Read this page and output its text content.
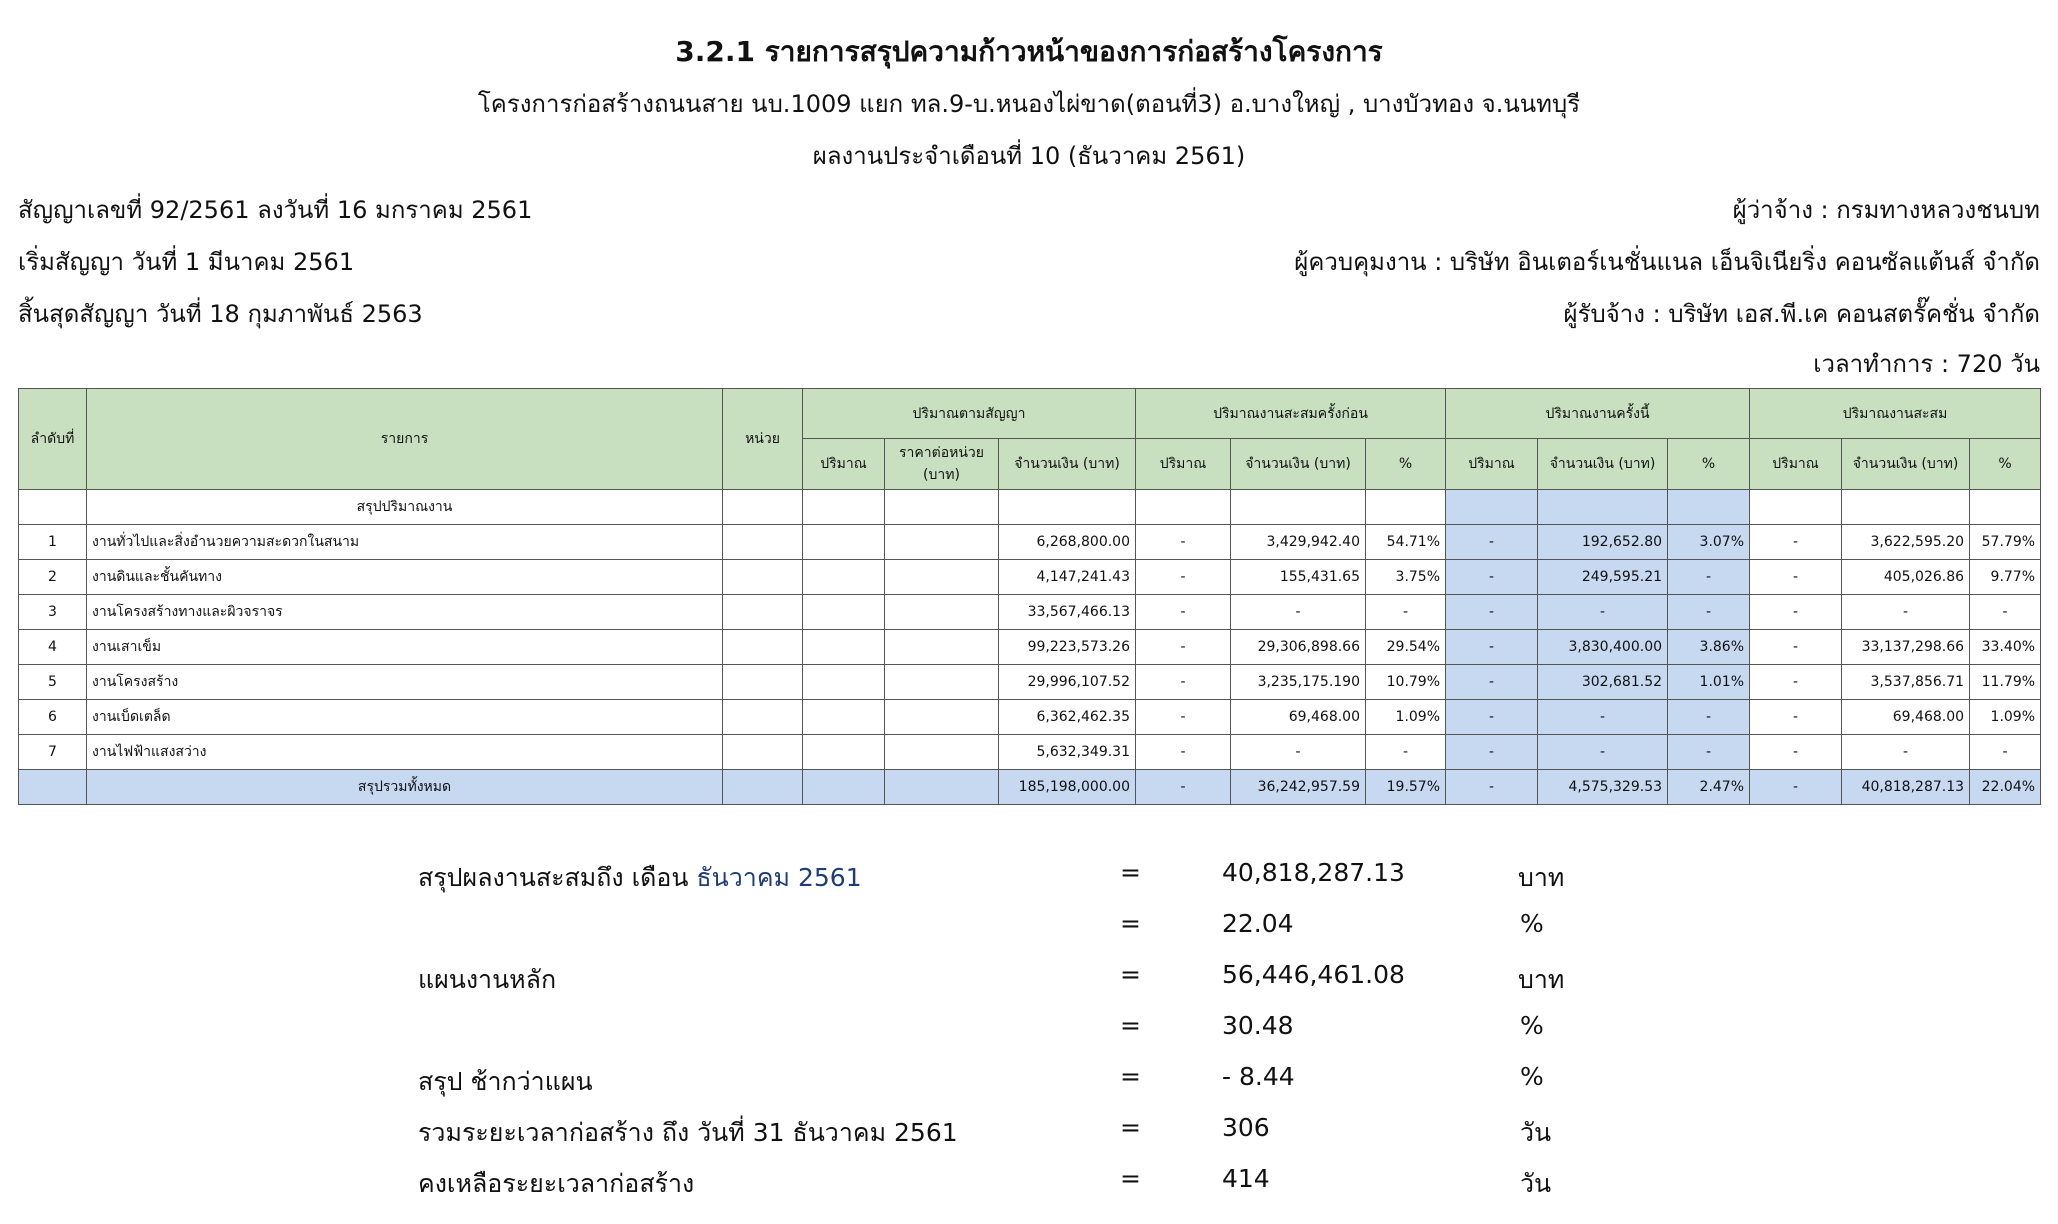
3.2.1 รายการสรุปความก้าวหน้าของการก่อสร้างโครงการ
โครงการก่อสร้างถนนสาย นบ.1009 แยก ทล.9-บ.หนองไผ่ขาด(ตอนที่3) อ.บางใหญ่ , บางบัวทอง จ.นนทบุรี
ผลงานประจำเดือนที่ 10 (ธันวาคม 2561)
สัญญาเลขที่ 92/2561 ลงวันที่ 16 มกราคม 2561
เริ่มสัญญา วันที่ 1 มีนาคม 2561
สิ้นสุดสัญญา วันที่ 18 กุมภาพันธ์ 2563
ผู้ว่าจ้าง : กรมทางหลวงชนบท
ผู้ควบคุมงาน : บริษัท อินเตอร์เนชั่นแนล เอ็นจิเนียริ่ง คอนซัลแต้นส์ จำกัด
ผู้รับจ้าง : บริษัท เอส.พี.เค คอนสตรั๊คชั่น จำกัด
เวลาทำการ : 720 วัน
ลำดับที่	รายการ	หน่วย	ปริมาณตามสัญญา			ปริมาณงานสะสมครั้งก่อน			ปริมาณงานครั้งนี้			ปริมาณงานสะสม		
			ปริมาณ	ราคาต่อหน่วย (บาท)	จำนวนเงิน (บาท)	ปริมาณ	จำนวนเงิน (บาท)	%	ปริมาณ	จำนวนเงิน (บาท)	%	ปริมาณ	จำนวนเงิน (บาท)	%
	สรุปปริมาณงาน													
1	งานทั่วไปและสิ่งอำนวยความสะดวกในสนาม				6,268,800.00	-	3,429,942.40	54.71%	-	192,652.80	3.07%	-	3,622,595.20	57.79%
2	งานดินและชั้นคันทาง				4,147,241.43	-	155,431.65	3.75%	-	249,595.21	-	-	405,026.86	9.77%
3	งานโครงสร้างทางและผิวจราจร				33,567,466.13	-	-	-	-	-	-	-	-	-
4	งานเสาเข็ม				99,223,573.26	-	29,306,898.66	29.54%	-	3,830,400.00	3.86%	-	33,137,298.66	33.40%
5	งานโครงสร้าง				29,996,107.52	-	3,235,175.190	10.79%	-	302,681.52	1.01%	-	3,537,856.71	11.79%
6	งานเบ็ดเตล็ด				6,362,462.35	-	69,468.00	1.09%	-	-	-	-	69,468.00	1.09%
7	งานไฟฟ้าแสงสว่าง				5,632,349.31	-	-	-	-	-	-	-	-	-
	สรุปรวมทั้งหมด				185,198,000.00	-	36,242,957.59	19.57%	-	4,575,329.53	2.47%	-	40,818,287.13	22.04%
สรุปผลงานสะสมถึง เดือน ธันวาคม 2561	=	40,818,287.13	บาท
=	22.04	%
แผนงานหลัก	=	56,446,461.08	บาท
=	30.48	%
สรุป ช้ากว่าแผน	=	- 8.44	%
รวมระยะเวลาก่อสร้าง ถึง วันที่ 31 ธันวาคม 2561	=	306	วัน
คงเหลือระยะเวลาก่อสร้าง	=	414	วัน
